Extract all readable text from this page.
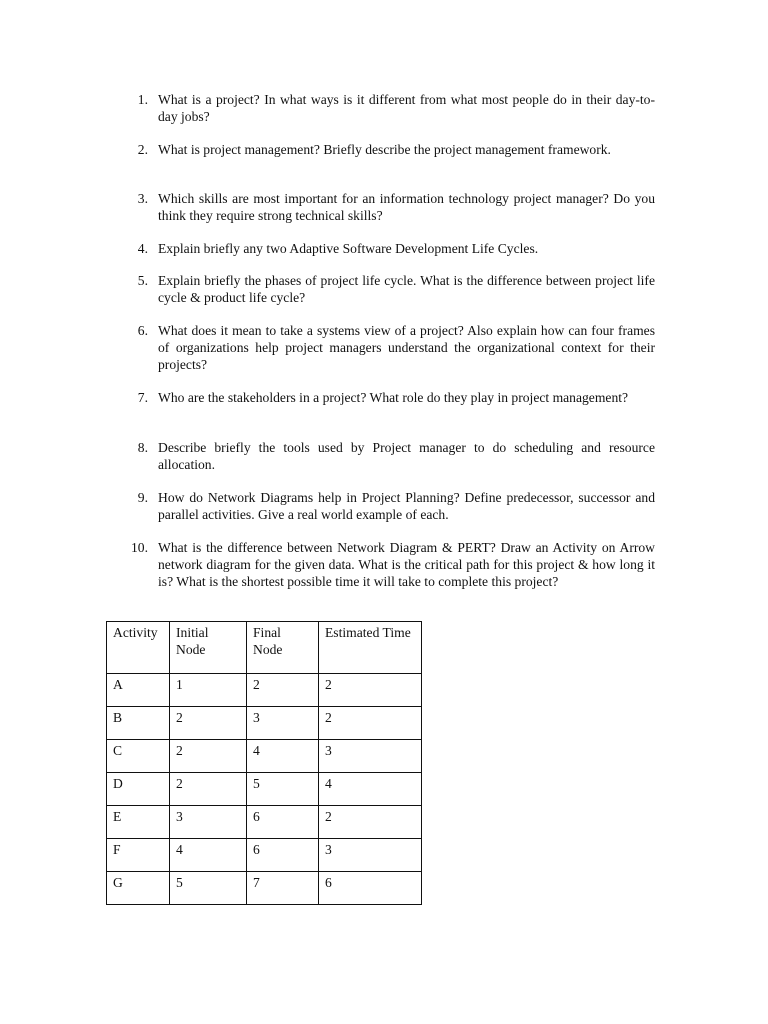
1. What is a project? In what ways is it different from what most people do in their day-to-day jobs?

2. What is project management? Briefly describe the project management framework.

3. Which skills are most important for an information technology project manager? Do you think they require strong technical skills?

4. Explain briefly any two Adaptive Software Development Life Cycles.

5. Explain briefly the phases of project life cycle. What is the difference between project life cycle & product life cycle?

6. What does it mean to take a systems view of a project? Also explain how can four frames of organizations help project managers understand the organizational context for their projects?

7. Who are the stakeholders in a project? What role do they play in project management?

8. Describe briefly the tools used by Project manager to do scheduling and resource allocation.

9. How do Network Diagrams help in Project Planning? Define predecessor, successor and parallel activities. Give a real world example of each.

10. What is the difference between Network Diagram & PERT? Draw an Activity on Arrow network diagram for the given data. What is the critical path for this project & how long it is? What is the shortest possible time it will take to complete this project?

Activity	Initial Node	Final Node	Estimated Time
A	1	2	2
B	2	3	2
C	2	4	3
D	2	5	4
E	3	6	2
F	4	6	3
G	5	7	6
